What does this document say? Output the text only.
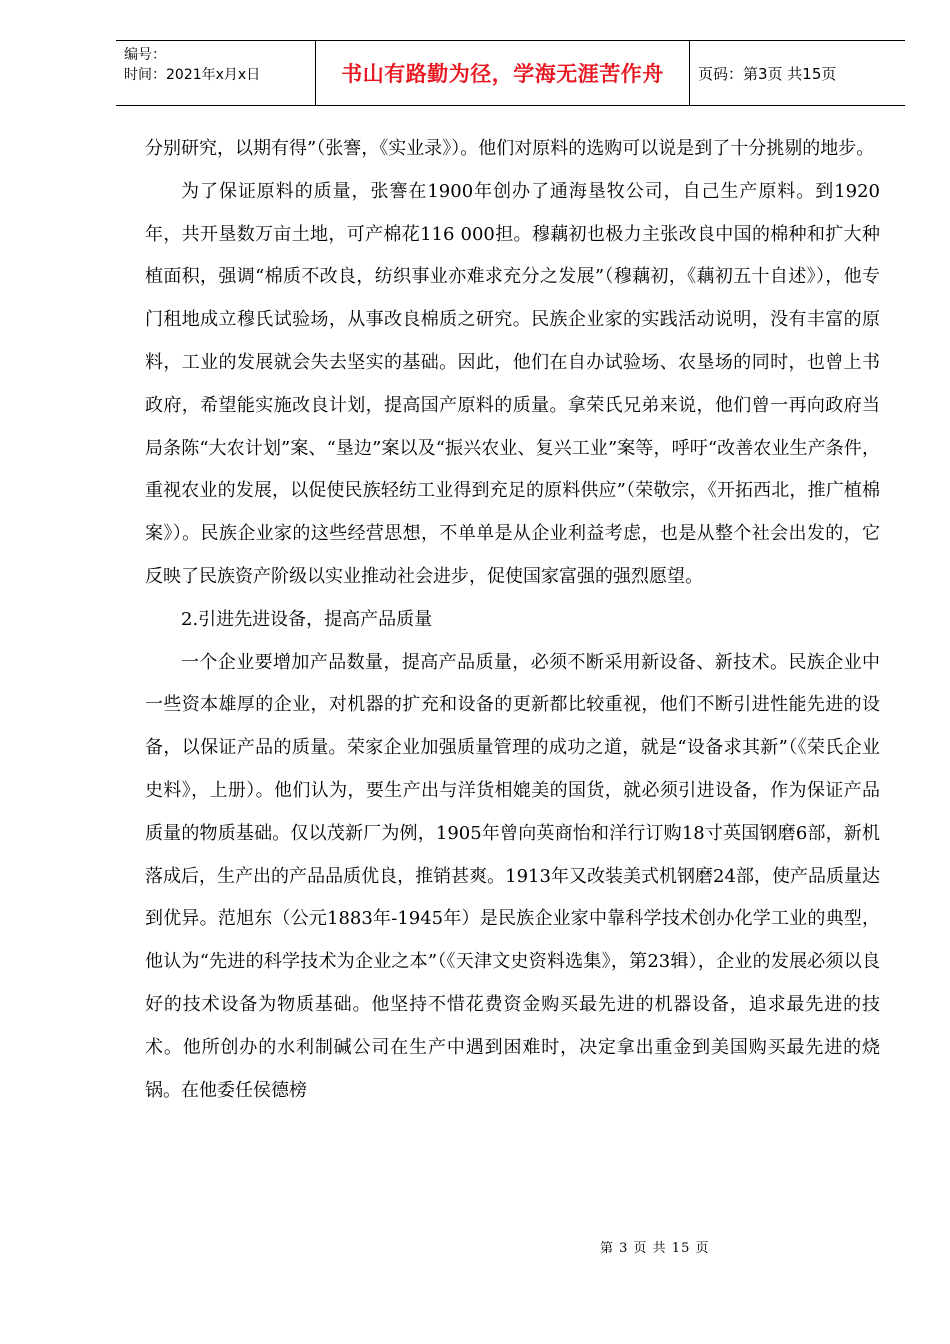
编号：
时间：2021年x月x日	书山有路勤为径，学海无涯苦作舟	页码：第3页 共15页

分别研究，以期有得”（张謇，《实业录》）。他们对原料的选购可以说是到了十分挑剔的地步。

为了保证原料的质量，张謇在1900年创办了通海垦牧公司，自己生产原料。到1920年，共开垦数万亩土地，可产棉花116 000担。穆藕初也极力主张改良中国的棉种和扩大种植面积，强调“棉质不改良，纺织事业亦难求充分之发展”（穆藕初，《藕初五十自述》），他专门租地成立穆氏试验场，从事改良棉质之研究。民族企业家的实践活动说明，没有丰富的原料，工业的发展就会失去坚实的基础。因此，他们在自办试验场、农垦场的同时，也曾上书政府，希望能实施改良计划，提高国产原料的质量。拿荣氏兄弟来说，他们曾一再向政府当局条陈“大农计划”案、“垦边”案以及“振兴农业、复兴工业”案等，呼吁“改善农业生产条件，重视农业的发展，以促使民族轻纺工业得到充足的原料供应”（荣敬宗，《开拓西北，推广植棉案》）。民族企业家的这些经营思想，不单单是从企业利益考虑，也是从整个社会出发的，它反映了民族资产阶级以实业推动社会进步，促使国家富强的强烈愿望。

2.引进先进设备，提高产品质量

一个企业要增加产品数量，提高产品质量，必须不断采用新设备、新技术。民族企业中一些资本雄厚的企业，对机器的扩充和设备的更新都比较重视，他们不断引进性能先进的设备，以保证产品的质量。荣家企业加强质量管理的成功之道，就是“设备求其新”（《荣氏企业史料》，上册）。他们认为，要生产出与洋货相媲美的国货，就必须引进设备，作为保证产品质量的物质基础。仅以茂新厂为例，1905年曾向英商怡和洋行订购18寸英国钢磨6部，新机落成后，生产出的产品品质优良，推销甚爽。1913年又改装美式机钢磨24部，使产品质量达到优异。范旭东（公元1883年-1945年）是民族企业家中靠科学技术创办化学工业的典型，他认为“先进的科学技术为企业之本”（《天津文史资料选集》，第23辑），企业的发展必须以良好的技术设备为物质基础。他坚持不惜花费资金购买最先进的机器设备，追求最先进的技术。他所创办的水利制碱公司在生产中遇到困难时，决定拿出重金到美国购买最先进的烧锅。在他委任侯德榜

第 3 页 共 15 页
